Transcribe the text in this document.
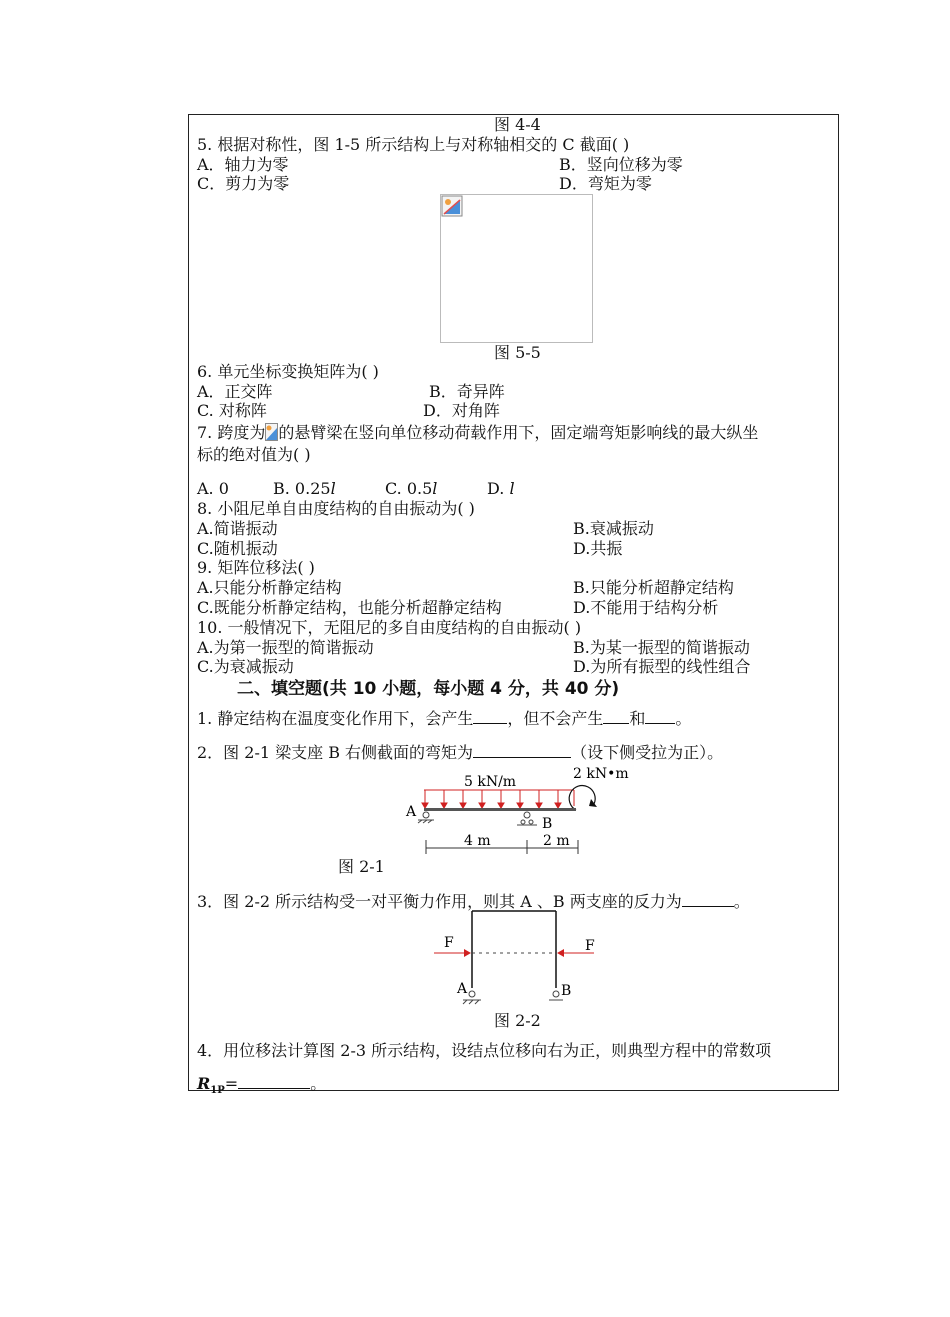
图 4-4
5. 根据对称性，图 1-5 所示结构上与对称轴相交的 C 截面( )
A．轴力为零	B．竖向位移为零
C．剪力为零	D．弯矩为零
图 5-5
6. 单元坐标变换矩阵为( )
A．正交阵	B．奇异阵
C. 对称阵	D．对角阵
7. 跨度为 的悬臂梁在竖向单位移动荷载作用下，固定端弯矩影响线的最大纵坐
标的绝对值为( )
A. 0	B. 0.25l	C. 0.5l	D. l
8. 小阻尼单自由度结构的自由振动为( )
A.简谐振动	B.衰减振动
C.随机振动	D.共振
9. 矩阵位移法( )
A.只能分析静定结构	B.只能分析超静定结构
C.既能分析静定结构，也能分析超静定结构	D.不能用于结构分析
10. 一般情况下，无阻尼的多自由度结构的自由振动( )
A.为第一振型的简谐振动	B.为某一振型的简谐振动
C.为衰减振动	D.为所有振型的线性组合
二、填空题(共 10 小题，每小题 4 分，共 40 分)
1. 静定结构在温度变化作用下，会产生 ，但不会产生 和 。
2．图 2-1 梁支座 B 右侧截面的弯矩为	（设下侧受拉为正）。
5 kN/m	2 kN•m
A
B
4 m	2 m
图 2-1
3．图 2-2 所示结构受一对平衡力作用，则其 A 、B 两支座的反力为	。
F	F
A	B
图 2-2
4．用位移法计算图 2-3 所示结构，设结点位移向右为正，则典型方程中的常数项
$R_{1P}=$	。
